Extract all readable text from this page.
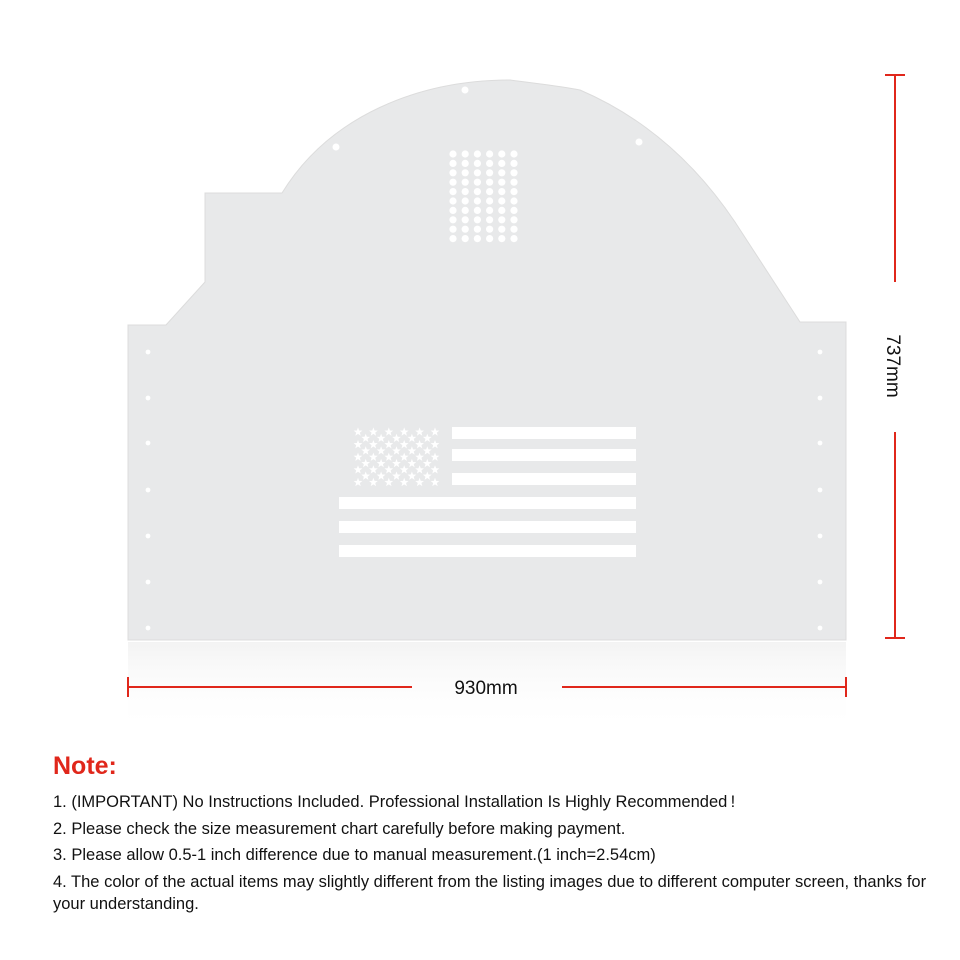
930mm
737mm
Note:
1. (IMPORTANT) No Instructions Included. Professional Installation Is Highly Recommended !
2. Please check the size measurement chart carefully before making payment.
3. Please allow 0.5-1 inch difference due to manual measurement.(1 inch=2.54cm)
4. The color of the actual items may slightly different from the listing images due to different computer screen, thanks for your understanding.
